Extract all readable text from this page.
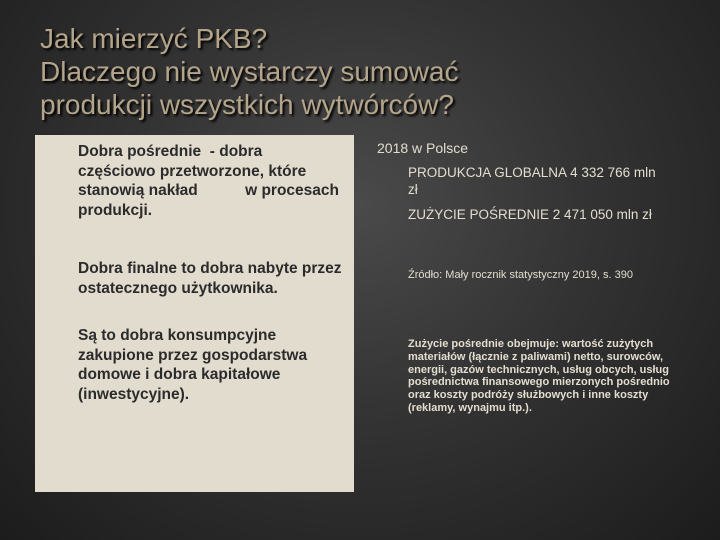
Jak mierzyć PKB?
Dlaczego nie wystarczy sumować
produkcji wszystkich wytwórców?
Dobra pośrednie  - dobra częściowo przetworzone, które stanowią nakład           w procesach produkcji.
Dobra finalne to dobra nabyte przez ostatecznego użytkownika.
Są to dobra konsumpcyjne zakupione przez gospodarstwa domowe i dobra kapitałowe (inwestycyjne).
2018 w Polsce
PRODUKCJA GLOBALNA 4 332 766 mln zł
ZUŻYCIE POŚREDNIE 2 471 050 mln zł
Źródło: Mały rocznik statystyczny 2019, s. 390
Zużycie pośrednie obejmuje: wartość zużytych materiałów (łącznie z paliwami) netto, surowców, energii, gazów technicznych, usług obcych, usług pośrednictwa finansowego mierzonych pośrednio oraz koszty podróży służbowych i inne koszty (reklamy, wynajmu itp.).
